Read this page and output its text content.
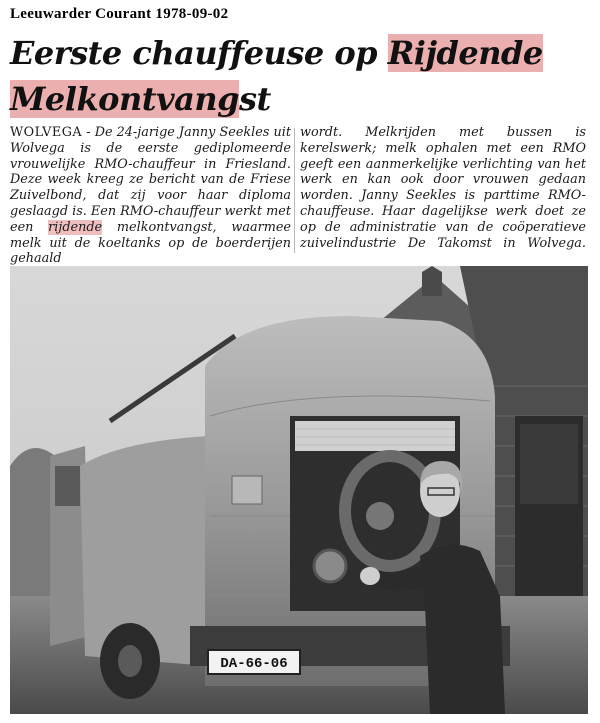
Leeuwarder Courant 1978-09-02
Eerste chauffeuse op Rijdende
Melkontvangst
WOLVEGA - De 24-jarige Janny Seekles uit Wolvega is de eerste gediplomeerde vrouwelijke RMO-chauffeur in Friesland. Deze week kreeg ze bericht van de Friese Zuivelbond, dat zij voor haar diploma geslaagd is. Een RMO-chauffeur werkt met een rijdende melkontvangst, waarmee melk uit de koeltanks op de boerderijen gehaald
wordt. Melkrijden met bussen is kerelswerk; melk ophalen met een RMO geeft een aanmerkelijke verlichting van het werk en kan ook door vrouwen gedaan worden. Janny Seekles is parttime RMO-chauffeuse. Haar dagelijkse werk doet ze op de administratie van de coöperatieve zuivelindustrie De Takomst in Wolvega.
DA-66-06
